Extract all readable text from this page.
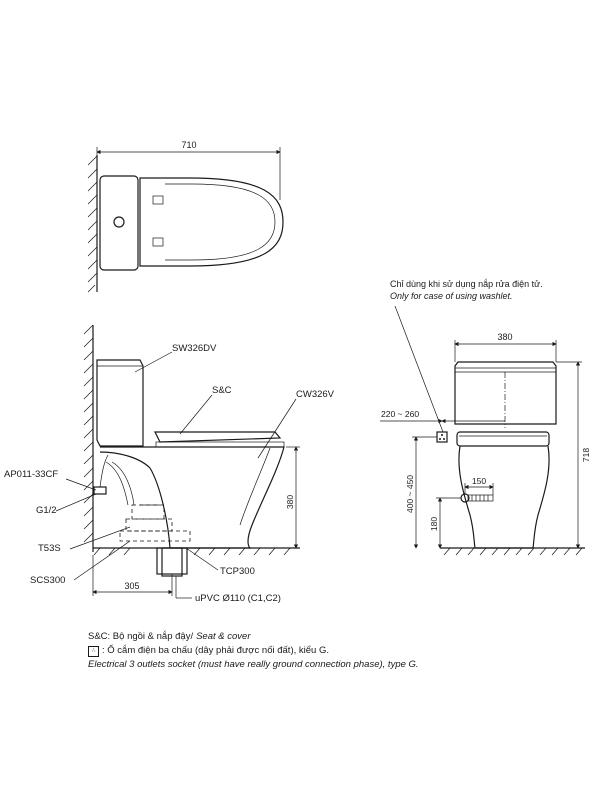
710
380
305
SW326DV
S&C	CW326V
AP011-33CF
G1/2
T53S
SCS300
TCP300
uPVC Ø110 (C1,C2)
Chỉ dùng khi sử dụng nắp rửa điện tử.
Only for case of using washlet.
380
220 ~ 260
400 ~ 450
180
150
718
S&C: Bộ ngồi & nắp đậy/ Seat & cover
∴ : Ổ cắm điện ba chấu (dây phải được nối đất), kiểu G.
Electrical 3 outlets socket (must have really ground connection phase), type G.
